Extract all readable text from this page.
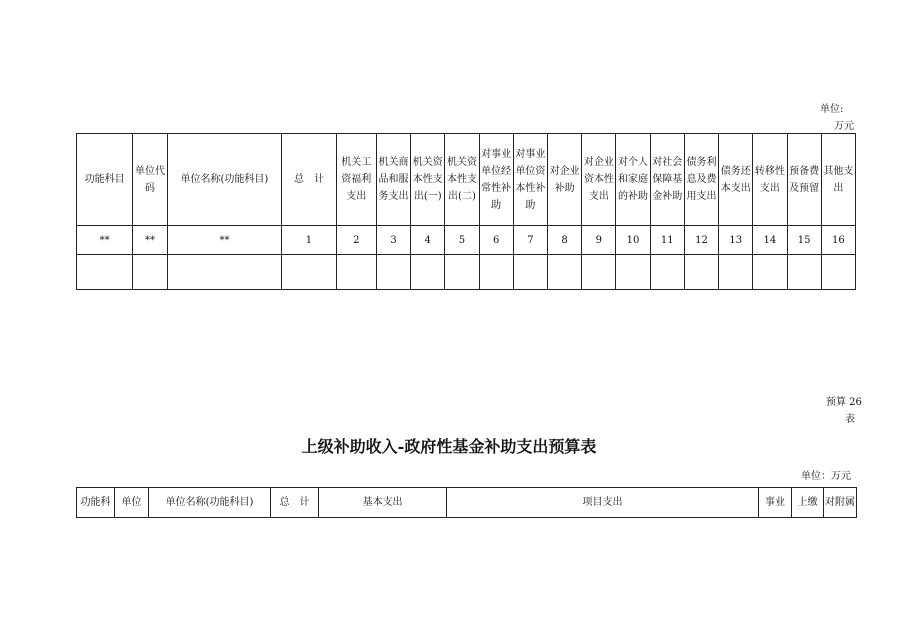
单位:
万元
功能科目	单位代码	单位名称(功能科目)	总　计	机关工资福利支出	机关商品和服务支出	机关资本性支出(一)	机关资本性支出(二)	对事业单位经常性补助	对事业单位资本性补助	对企业补助	对企业资本性支出	对个人和家庭的补助	对社会保障基金补助	债务利息及费用支出	债务还本支出	转移性支出	预备费及预留	其他支出
**	**	**	1	2	3	4	5	6	7	8	9	10	11	12	13	14	15	16

预算 26
表
上级补助收入-政府性基金补助支出预算表
单位：万元
功能科	单位	单位名称(功能科目)	总　计	基本支出	项目支出	事业	上缴	对附属
